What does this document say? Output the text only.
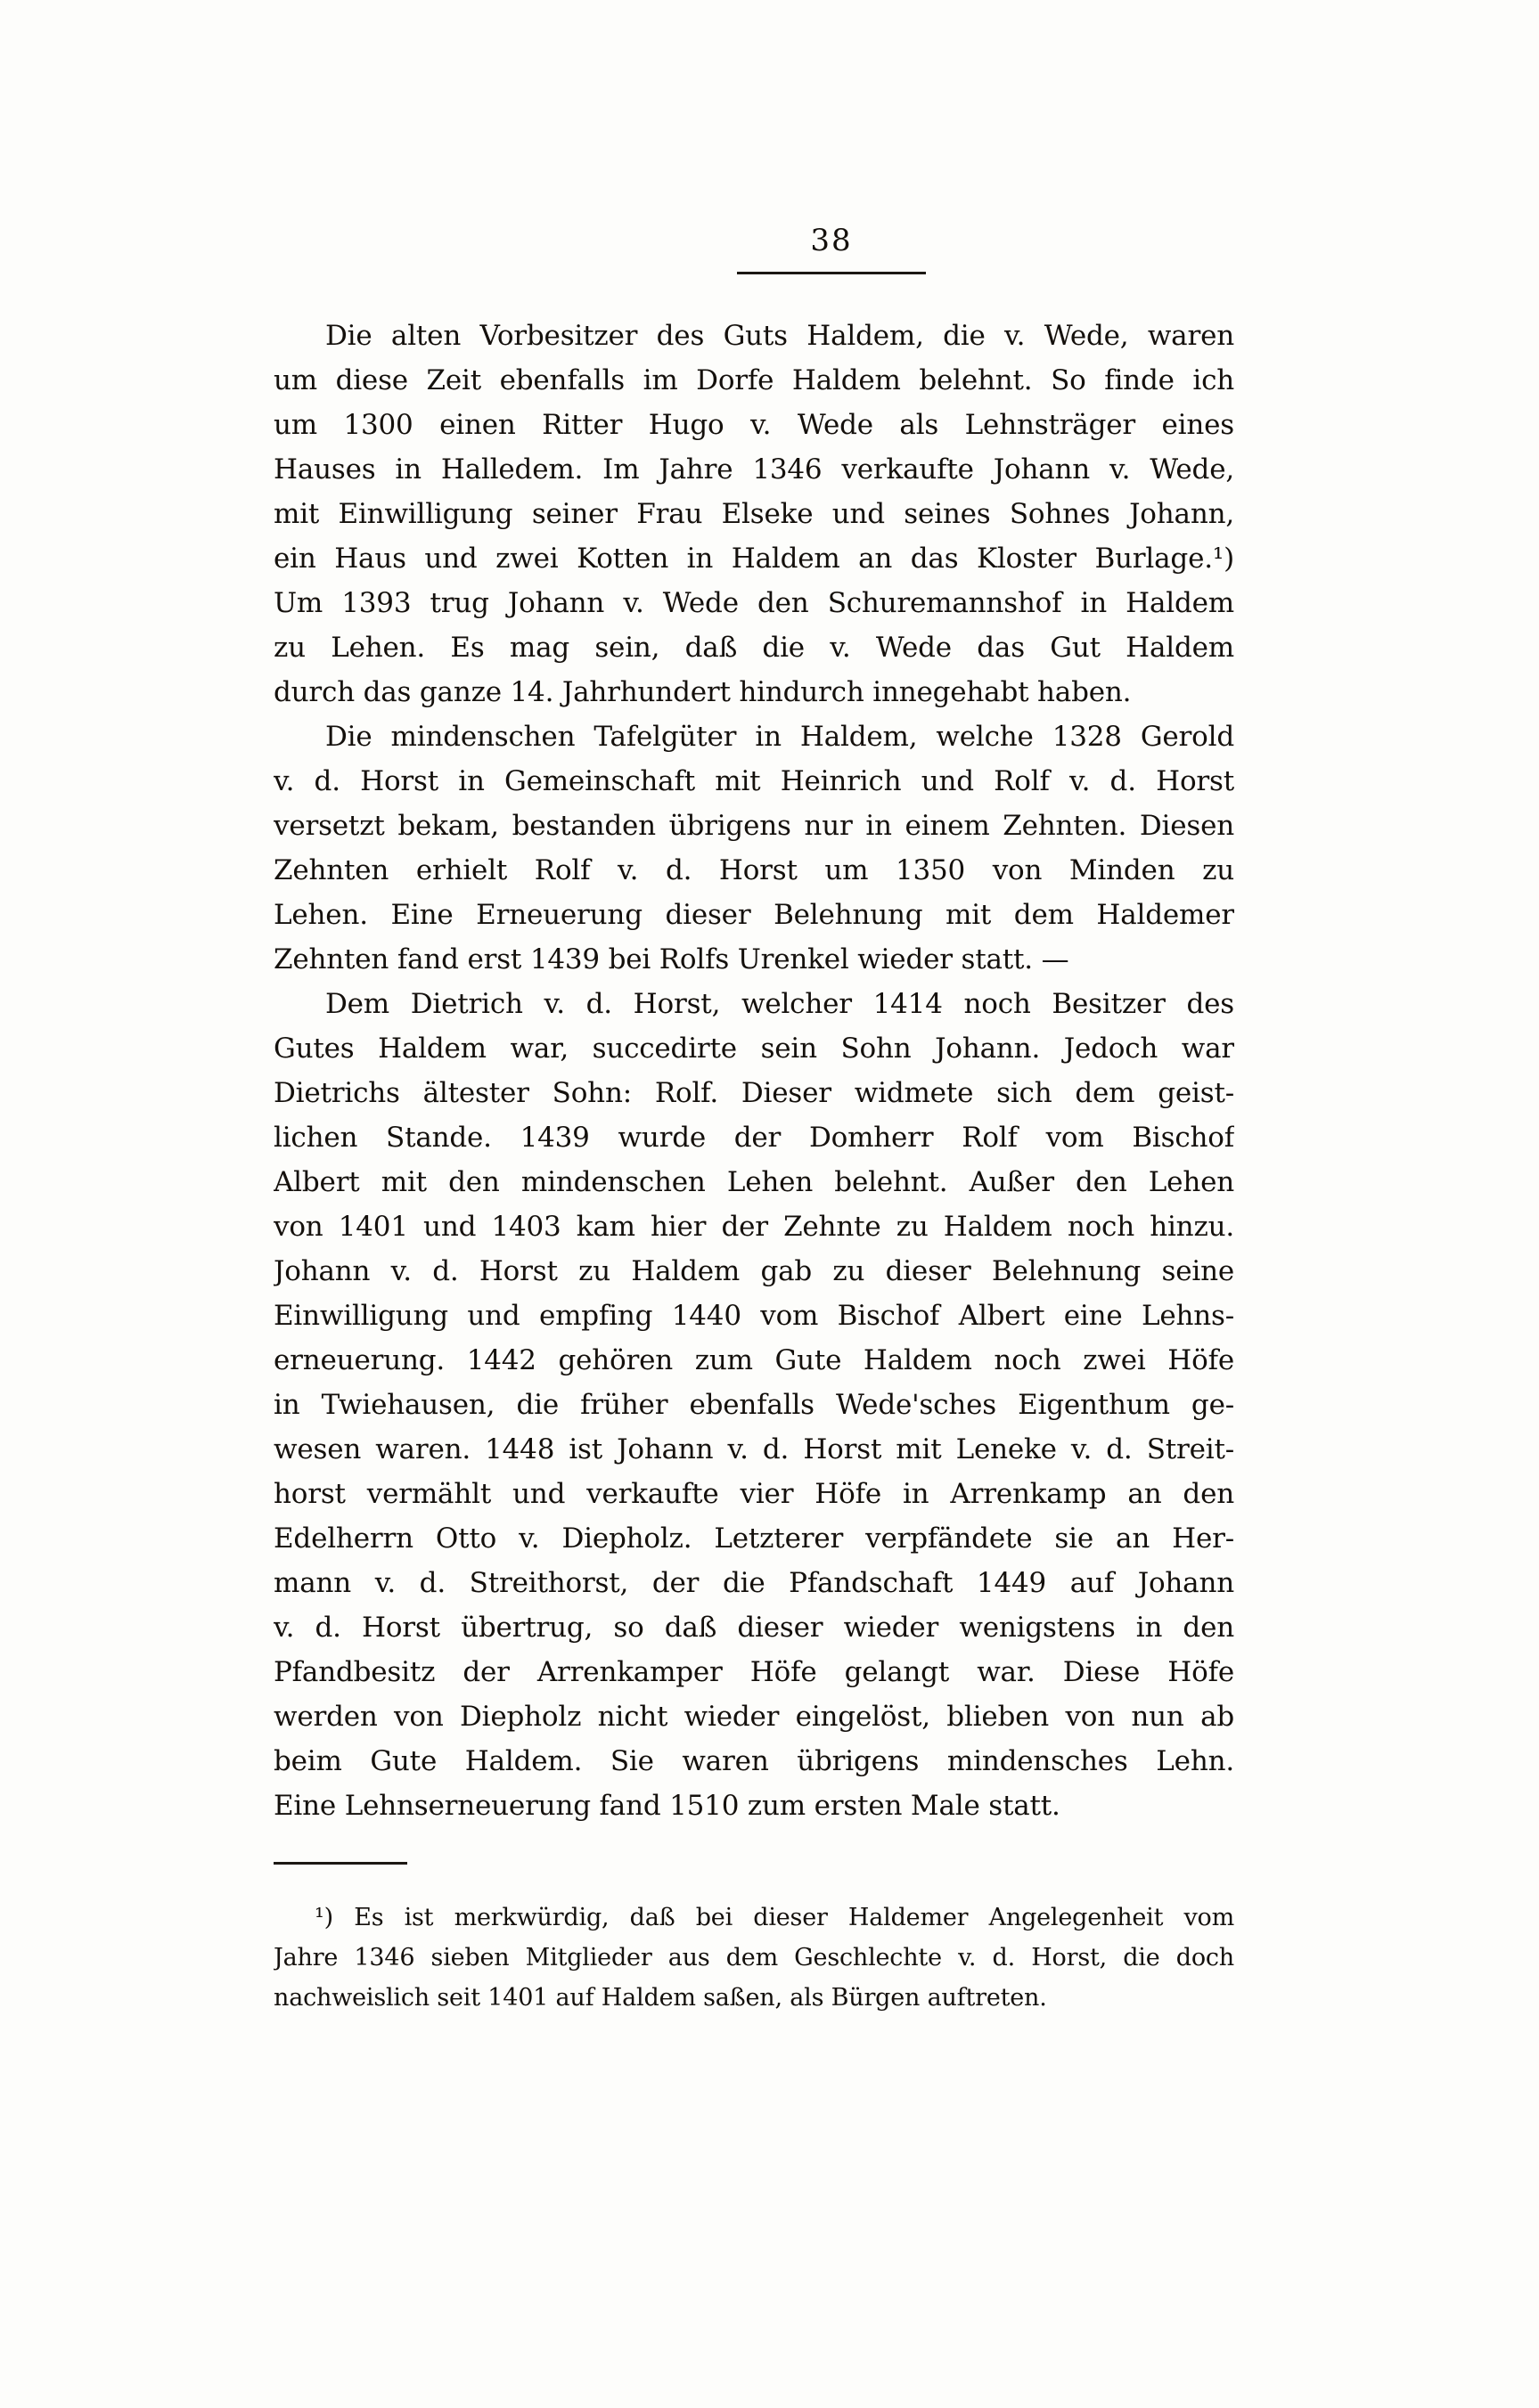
38
Die alten Vorbesitzer des Guts Haldem, die v. Wede, waren
um diese Zeit ebenfalls im Dorfe Haldem belehnt. So finde ich
um 1300 einen Ritter Hugo v. Wede als Lehnsträger eines
Hauses in Halledem. Im Jahre 1346 verkaufte Johann v. Wede,
mit Einwilligung seiner Frau Elseke und seines Sohnes Johann,
ein Haus und zwei Kotten in Haldem an das Kloster Burlage.¹)
Um 1393 trug Johann v. Wede den Schuremannshof in Haldem
zu Lehen. Es mag sein, daß die v. Wede das Gut Haldem
durch das ganze 14. Jahrhundert hindurch innegehabt haben.
Die mindenschen Tafelgüter in Haldem, welche 1328 Gerold
v. d. Horst in Gemeinschaft mit Heinrich und Rolf v. d. Horst
versetzt bekam, bestanden übrigens nur in einem Zehnten. Diesen
Zehnten erhielt Rolf v. d. Horst um 1350 von Minden zu
Lehen. Eine Erneuerung dieser Belehnung mit dem Haldemer
Zehnten fand erst 1439 bei Rolfs Urenkel wieder statt. —
Dem Dietrich v. d. Horst, welcher 1414 noch Besitzer des
Gutes Haldem war, succedirte sein Sohn Johann. Jedoch war
Dietrichs ältester Sohn: Rolf. Dieser widmete sich dem geist-
lichen Stande. 1439 wurde der Domherr Rolf vom Bischof
Albert mit den mindenschen Lehen belehnt. Außer den Lehen
von 1401 und 1403 kam hier der Zehnte zu Haldem noch hinzu.
Johann v. d. Horst zu Haldem gab zu dieser Belehnung seine
Einwilligung und empfing 1440 vom Bischof Albert eine Lehns-
erneuerung. 1442 gehören zum Gute Haldem noch zwei Höfe
in Twiehausen, die früher ebenfalls Wede'sches Eigenthum ge-
wesen waren. 1448 ist Johann v. d. Horst mit Leneke v. d. Streit-
horst vermählt und verkaufte vier Höfe in Arrenkamp an den
Edelherrn Otto v. Diepholz. Letzterer verpfändete sie an Her-
mann v. d. Streithorst, der die Pfandschaft 1449 auf Johann
v. d. Horst übertrug, so daß dieser wieder wenigstens in den
Pfandbesitz der Arrenkamper Höfe gelangt war. Diese Höfe
werden von Diepholz nicht wieder eingelöst, blieben von nun ab
beim Gute Haldem. Sie waren übrigens mindensches Lehn.
Eine Lehnserneuerung fand 1510 zum ersten Male statt.
¹) Es ist merkwürdig, daß bei dieser Haldemer Angelegenheit vom
Jahre 1346 sieben Mitglieder aus dem Geschlechte v. d. Horst, die doch
nachweislich seit 1401 auf Haldem saßen, als Bürgen auftreten.
